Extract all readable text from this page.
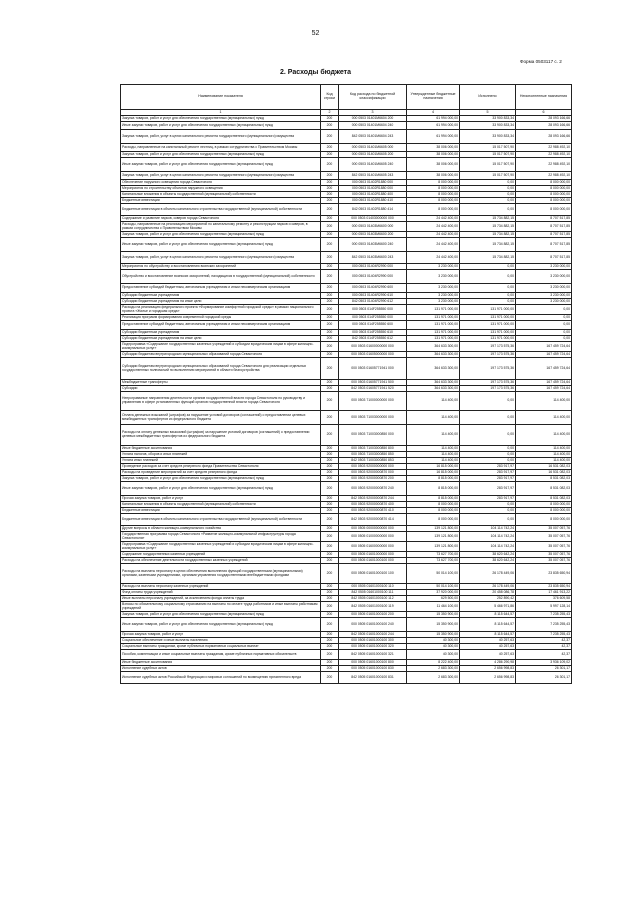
52
Форма 0503117 с. 2
2. Расходы бюджета
Наименование показателя	Код строки	Код расхода по бюджетной классификации	Утвержденные бюджетные назначения	Исполнено	Неисполненные назначения
1	2	3	4	5	6
Закупка товаров, работ и услуг для обеспечения государственных (муниципальных) нужд	200	000 0503 01401М6604 200	61 994 000,00	33 900 833,34	28 093 166,66
Иные закупки товаров, работ и услуг для обеспечения государственных (муниципальных) нужд	200	000 0503 01401М6604 240	61 994 000,00	33 900 833,34	28 093 166,66
Закупка товаров, работ, услуг в целях капитального ремонта государственного (муниципального) имущества	200	842 0503 01401М6604 243	61 994 000,00	33 900 833,34	28 093 166,66
Расходы, направленные на капитальный ремонт лестниц, в рамках сотрудничества с Правительством Москвы	200	000 0503 01401М6605 000	38 006 000,00	15 017 507,90	22 988 492,10
Закупка товаров, работ и услуг для обеспечения государственных (муниципальных) нужд	200	000 0503 01401М6605 200	38 006 000,00	15 017 507,90	22 988 492,10
Иные закупки товаров, работ и услуг для обеспечения государственных (муниципальных) нужд	200	000 0503 01401М6605 240	38 006 000,00	15 017 507,90	22 988 492,10
Закупка товаров, работ, услуг в целях капитального ремонта государственного (муниципального) имущества	200	842 0503 01401М6605 243	38 006 000,00	15 017 507,90	22 988 492,10
Обеспечение наружного освещения города Севастополя	200	000 0503 01402R1880 000	8 000 000,00	0,00	8 000 000,00
Мероприятия по строительству объектов наружного освещения	200	000 0503 01402R1880 000	8 000 000,00	0,00	8 000 000,00
Капитальные вложения в объекты государственной (муниципальной) собственности	200	000 0503 01402R1880 400	8 000 000,00	0,00	8 000 000,00
Бюджетные инвестиции	200	000 0503 01402R1880 410	8 000 000,00	0,00	8 000 000,00
Бюджетные инвестиции в объекты капитального строительства государственной (муниципальной) собственности	200	842 0503 01402R1880 414	8 000 000,00	0,00	8 000 000,00
Содержание и развитие парков, скверов города Севастополя	200	000 0503 01403000000 000	24 442 400,00	15 734 882,15	8 707 517,85
Расходы, направленные на реализацию мероприятий по капитальному ремонту и реконструкции парков и скверов, в рамках сотрудничества с Правительством Москвы	200	000 0503 01403М6600 000	24 442 400,00	15 734 882,15	8 707 517,85
Закупка товаров, работ и услуг для обеспечения государственных (муниципальных) нужд	200	000 0503 01403М6600 200	24 442 400,00	15 734 882,15	8 707 517,85
Иные закупки товаров, работ и услуг для обеспечения государственных (муниципальных) нужд	200	000 0503 01403М6600 240	24 442 400,00	15 734 882,15	8 707 517,85
Закупка товаров, работ, услуг в целях капитального ремонта государственного (муниципального) имущества	200	842 0503 01403М6600 243	24 442 400,00	15 734 882,15	8 707 517,85
Мероприятия по обустройству и восстановлению воинских захоронений	200	000 0503 01404R2990 000	3 230 000,00	0,00	3 230 000,00
Обустройство и восстановление воинских захоронений, находящихся в государственной (муниципальной) собственности	200	000 0503 01404R2990 000	3 230 000,00	0,00	3 230 000,00
Предоставление субсидий бюджетным, автономным учреждениям и иным некоммерческим организациям	200	000 0503 01404R2990 600	3 230 000,00	0,00	3 230 000,00
Субсидии бюджетным учреждениям	200	000 0503 01404R2990 610	3 230 000,00	0,00	3 230 000,00
Субсидии бюджетным учреждениям на иные цели	200	842 0503 01404R2990 612	3 230 000,00	0,00	3 230 000,00
Расходы на реализацию федерального проекта «Формирование комфортной городской среды» в рамках национального проекта «Жилье и городская среда»	200	000 0503 014F255550 000	131 971 000,00	131 971 000,00	0,00
Реализация программ формирования современной городской среды	200	000 0503 014F255550 000	131 971 000,00	131 971 000,00	0,00
Предоставление субсидий бюджетным, автономным учреждениям и иным некоммерческим организациям	200	000 0503 014F255550 600	131 971 000,00	131 971 000,00	0,00
Субсидии бюджетным учреждениям	200	000 0503 014F255550 610	131 971 000,00	131 971 000,00	0,00
Субсидии бюджетным учреждениям на иные цели	200	842 0503 014F255550 612	131 971 000,00	131 971 000,00	0,00
Подпрограмма «Содержание государственных казенных учреждений и субсидии юридическим лицам в сфере жилищно-коммунальных услуг»	200	000 0503 01600000000 000	364 633 300,00	197 173 575,36	167 459 724,64
Субсидии бюджетам внутригородских муниципальных образований города Севастополя	200	000 0503 01605000000 000	364 633 300,00	197 173 575,36	167 459 724,64
Субсидии бюджетам внутригородских муниципальных образований города Севастополя для реализации отдельных государственных полномочий по выполнению мероприятий в области благоустройства	200	000 0503 01605771941 000	364 633 300,00	197 173 575,36	167 459 724,64
Межбюджетные трансферты	200	000 0503 01605771941 500	364 633 300,00	197 173 575,36	167 459 724,64
Субсидии	200	842 0503 01605771941 520	364 633 300,00	197 173 575,36	167 459 724,64
Непрограммные направления деятельности органов государственной власти города Севастополя по руководству и управлению в сфере установленных функций органов государственной власти города Севастополя	200	000 0503 71000000000 000	114 400,00	0,00	114 400,00
Оплата денежных взысканий (штрафов) за нарушение условий договоров (соглашений) о предоставлении целевых межбюджетных трансфертов из федерального бюджета	200	000 0503 71003000000 000	114 400,00	0,00	114 400,00
Расходы на оплату денежных взысканий (штрафов) за нарушение условий договоров (соглашений) о предоставлении целевых межбюджетных трансфертов из федерального бюджета	200	000 0503 71003000850 000	114 400,00	0,00	114 400,00
Иные бюджетные ассигнования	200	000 0503 71003000850 800	114 400,00	0,00	114 400,00
Уплата налогов, сборов и иных платежей	200	000 0503 71003000850 850	114 400,00	0,00	114 400,00
Уплата иных платежей	200	842 0503 71003000850 853	114 400,00	0,00	114 400,00
Проведение расходов за счет средств резервного фонда Правительства Севастополя	200	000 0503 92000000000 000	16 815 000,00	283 917,97	16 531 082,03
Расходы на проведение мероприятий за счет средств резервного фонда	200	000 0503 92000000870 000	16 815 000,00	283 917,97	16 531 082,03
Закупка товаров, работ и услуг для обеспечения государственных (муниципальных) нужд	200	000 0503 92000000870 200	8 815 000,00	283 917,97	8 531 082,03
Иные закупки товаров, работ и услуг для обеспечения государственных (муниципальных) нужд	200	000 0503 92000000870 240	8 815 000,00	283 917,97	8 531 082,03
Прочая закупка товаров, работ и услуг	200	842 0503 92000000870 244	8 815 000,00	283 917,97	8 531 082,03
Капитальные вложения в объекты государственной (муниципальной) собственности	200	000 0503 92000000870 400	8 000 000,00	0,00	8 000 000,00
Бюджетные инвестиции	200	000 0503 92000000870 410	8 000 000,00	0,00	8 000 000,00
Бюджетные инвестиции в объекты капитального строительства государственной (муниципальной) собственности	200	842 0503 92000000870 414	8 000 000,00	0,00	8 000 000,00
Другие вопросы в области жилищно-коммунального хозяйства	200	000 0505 00000000000 000	139 121 800,00	104 114 742,24	35 007 057,76
Государственная программа города Севастополя «Развитие жилищно-коммунальной инфраструктуры города Севастополя»	200	000 0505 01000000000 000	139 121 800,00	104 114 742,24	35 007 057,76
Подпрограмма «Содержание государственных казенных учреждений и субсидии юридическим лицам в сфере жилищно-коммунальных услуг»	200	000 0505 01600000000 000	139 121 800,00	104 114 742,24	35 007 057,76
Содержание государственных казенных учреждений	200	000 0505 01601000000 000	73 627 700,00	38 620 642,24	35 007 057,76
Расходы на обеспечение деятельности государственных казенных учреждений	200	000 0505 01601000100 000	73 627 700,00	38 620 642,24	35 007 057,76
Расходы на выплаты персоналу в целях обеспечения выполнения функций государственными (муниципальными) органами, казенными учреждениями, органами управления государственными внебюджетными фондами	200	000 0505 01601000100 100	50 014 100,00	26 178 449,06	23 835 650,94
Расходы на выплаты персоналу казенных учреждений	200	000 0505 01601000100 110	50 014 100,00	26 178 449,06	23 835 650,94
Фонд оплаты труда учреждений	200	842 0505 01601000100 111	37 920 000,00	20 458 086,78	17 461 913,22
Иные выплаты персоналу учреждений, за исключением фонда оплаты труда	200	842 0505 01601000100 112	629 500,00	252 890,42	376 609,58
Взносы по обязательному социальному страхованию на выплаты по оплате труда работников и иные выплаты работникам учреждений	200	842 0505 01601000100 119	11 464 100,00	5 466 971,86	5 997 128,14
Закупка товаров, работ и услуг для обеспечения государственных (муниципальных) нужд	200	000 0505 01601000100 200	15 350 900,00	8 115 644,57	7 235 255,43
Иные закупки товаров, работ и услуг для обеспечения государственных (муниципальных) нужд	200	000 0505 01601000100 240	15 350 900,00	8 115 644,57	7 235 255,43
Прочая закупка товаров, работ и услуг	200	842 0505 01601000100 244	15 350 900,00	8 115 644,57	7 235 255,43
Социальное обеспечение и иные выплаты населению	200	000 0505 01601000100 300	40 300,00	40 257,63	42,37
Социальные выплаты гражданам, кроме публичных нормативных социальных выплат	200	000 0505 01601000100 320	40 300,00	40 257,63	42,37
Пособия, компенсации и иные социальные выплаты гражданам, кроме публичных нормативных обязательств	200	842 0505 01601000100 321	40 300,00	40 257,63	42,37
Иные бюджетные ассигнования	200	000 0505 01601000100 800	8 222 400,00	4 286 290,98	3 936 109,02
Исполнение судебных актов	200	000 0505 01601000100 830	2 683 300,00	2 656 998,83	26 301,17
Исполнение судебных актов Российской Федерации и мировых соглашений по возмещению причиненного вреда	200	842 0505 01601000100 831	2 683 300,00	2 656 998,83	26 301,17
